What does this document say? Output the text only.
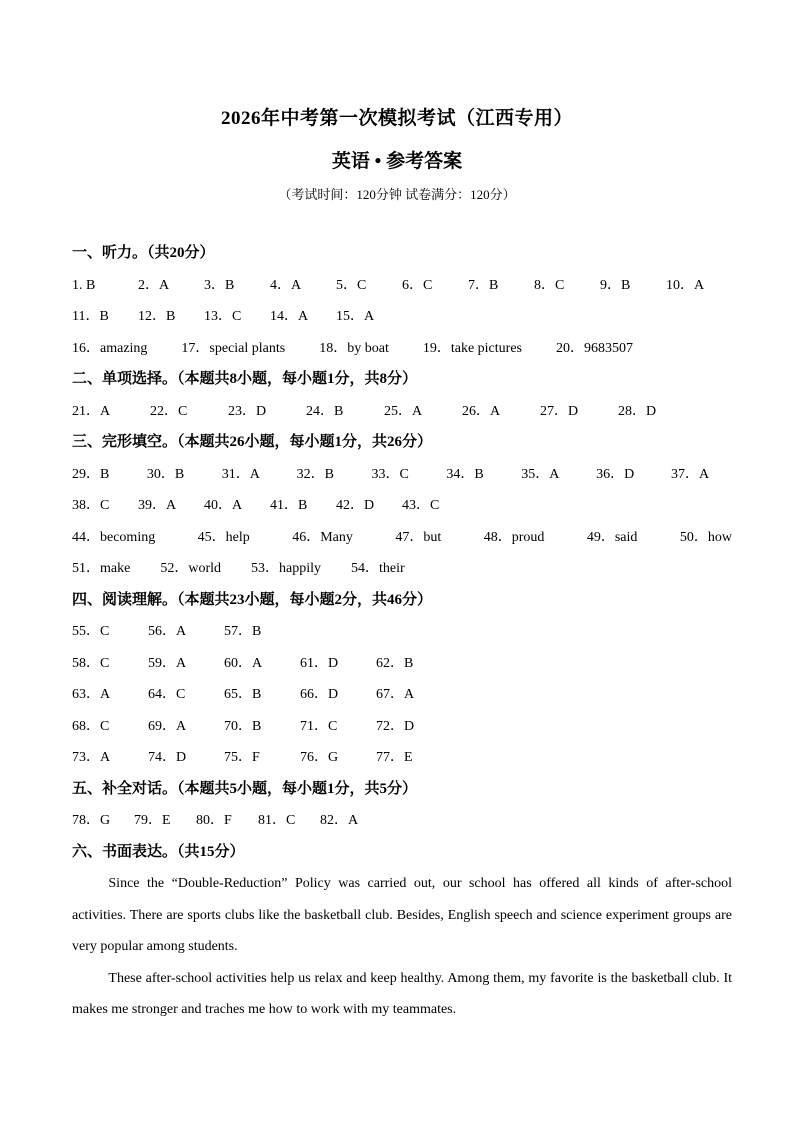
2026年中考第一次模拟考试（江西专用）
英语 • 参考答案
（考试时间：120分钟 试卷满分：120分）
一、听力。（共20分）
1. B	2．A	3．B	4．A	5．C	6．C	7．B	8．C	9．B	10．A
11．B	12．B	13．C	14．A	15．A
16．amazing 17．special plants 18．by boat 19．take pictures 20．9683507
二、单项选择。（本题共8小题，每小题1分，共8分）
21．A	22．C	23．D	24．B	25．A	26．A	27．D	28．D
三、完形填空。（本题共26小题，每小题1分，共26分）
29．B	30．B	31．A	32．B	33．C	34．B	35．A	36．D	37．A
38．C 39．A 40．A 41．B 42．D 43．C
44．becoming	45．help	46．Many	47．but	48．proud	49．said	50．how
51．make 52．world 53．happily 54．their
四、阅读理解。（本题共23小题，每小题2分，共46分）
55．C	56．A	57．B
58．C	59．A	60．A	61．D	62．B
63．A	64．C	65．B	66．D	67．A
68．C	69．A	70．B	71．C	72．D
73．A	74．D	75．F	76．G	77．E
五、补全对话。（本题共5小题，每小题1分，共5分）
78．G	79．E	80．F	81．C	82．A
六、书面表达。（共15分）

Since the “Double-Reduction” Policy was carried out, our school has offered all kinds of after-school activities. There are sports clubs like the basketball club. Besides, English speech and science experiment groups are very popular among students.

These after-school activities help us relax and keep healthy. Among them, my favorite is the basketball club. It makes me stronger and traches me how to work with my teammates.
